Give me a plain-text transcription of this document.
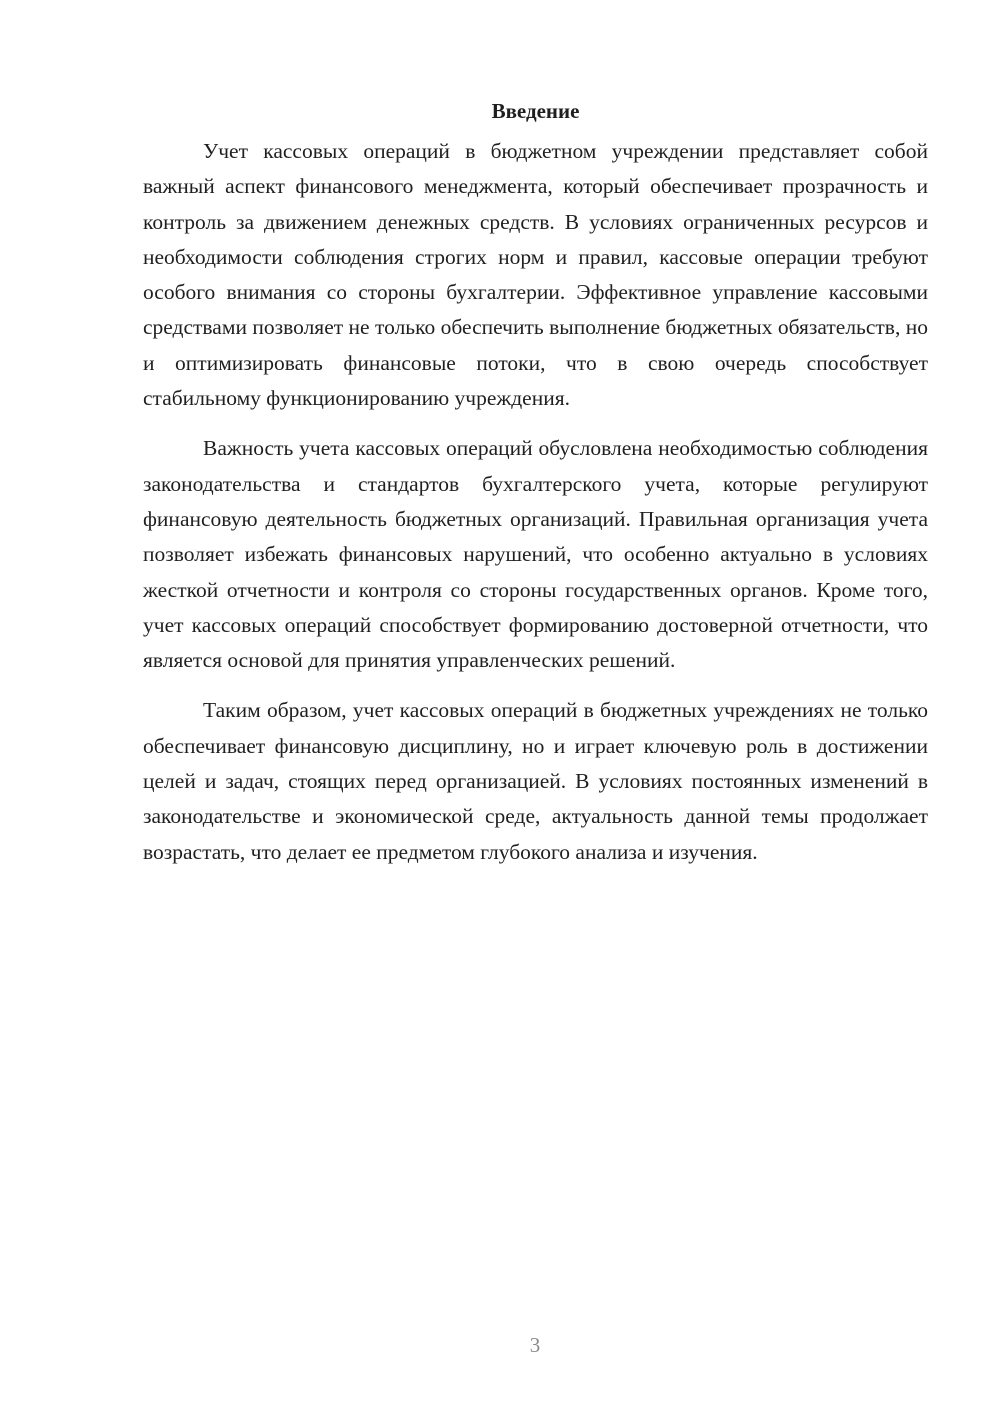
Введение

Учет кассовых операций в бюджетном учреждении представляет собой важный аспект финансового менеджмента, который обеспечивает прозрачность и контроль за движением денежных средств. В условиях ограниченных ресурсов и необходимости соблюдения строгих норм и правил, кассовые операции требуют особого внимания со стороны бухгалтерии. Эффективное управление кассовыми средствами позволяет не только обеспечить выполнение бюджетных обязательств, но и оптимизировать финансовые потоки, что в свою очередь способствует стабильному функционированию учреждения.

Важность учета кассовых операций обусловлена необходимостью соблюдения законодательства и стандартов бухгалтерского учета, которые регулируют финансовую деятельность бюджетных организаций. Правильная организация учета позволяет избежать финансовых нарушений, что особенно актуально в условиях жесткой отчетности и контроля со стороны государственных органов. Кроме того, учет кассовых операций способствует формированию достоверной отчетности, что является основой для принятия управленческих решений.

Таким образом, учет кассовых операций в бюджетных учреждениях не только обеспечивает финансовую дисциплину, но и играет ключевую роль в достижении целей и задач, стоящих перед организацией. В условиях постоянных изменений в законодательстве и экономической среде, актуальность данной темы продолжает возрастать, что делает ее предметом глубокого анализа и изучения.

3
